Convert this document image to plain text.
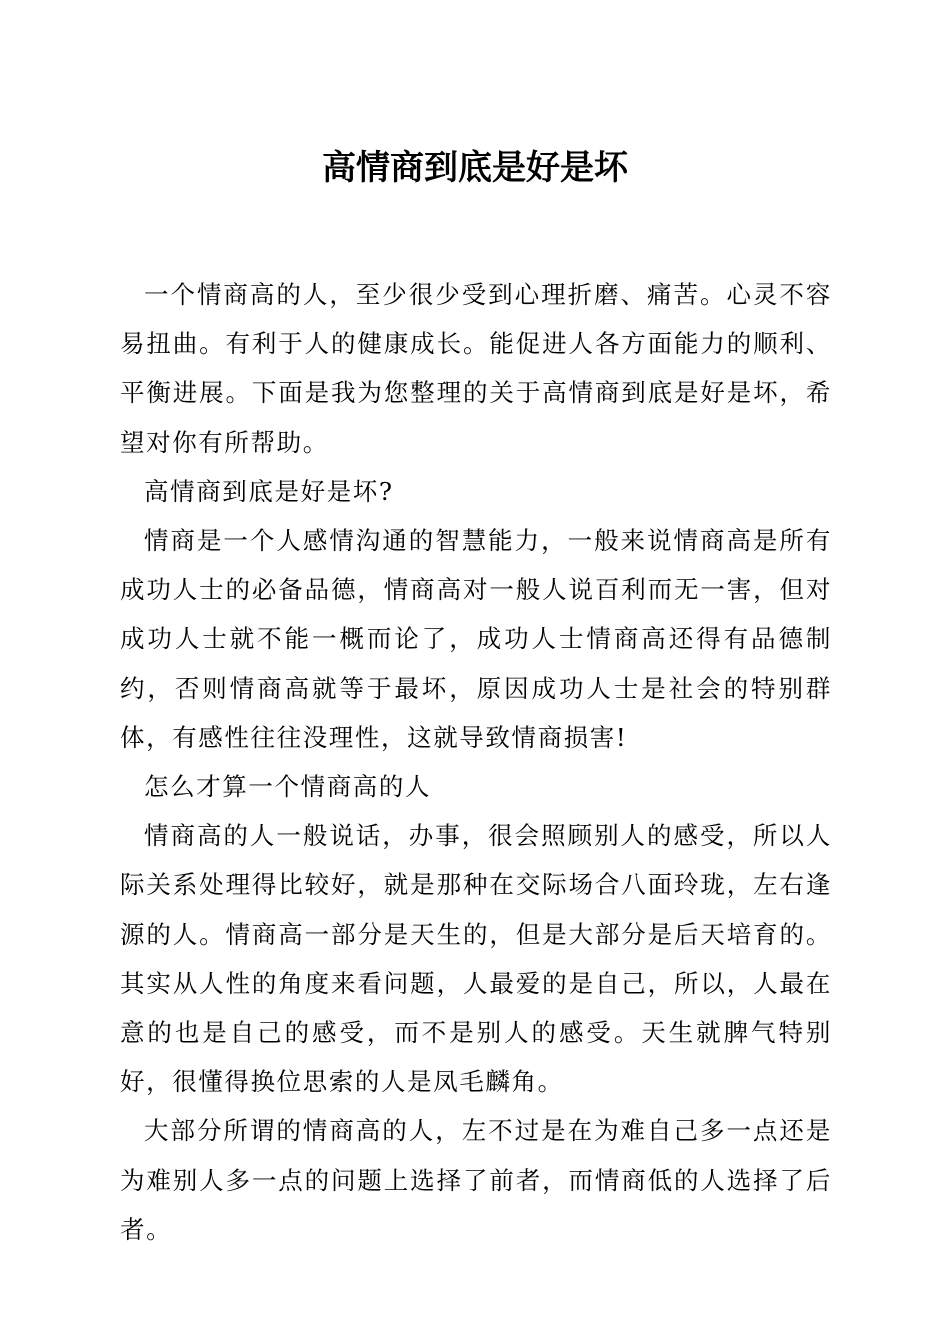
高情商到底是好是坏

一个情商高的人，至少很少受到心理折磨、痛苦。心灵不容易扭曲。有利于人的健康成长。能促进人各方面能力的顺利、平衡进展。下面是我为您整理的关于高情商到底是好是坏，希望对你有所帮助。

高情商到底是好是坏?

情商是一个人感情沟通的智慧能力，一般来说情商高是所有成功人士的必备品德，情商高对一般人说百利而无一害，但对成功人士就不能一概而论了，成功人士情商高还得有品德制约，否则情商高就等于最坏，原因成功人士是社会的特别群体，有感性往往没理性，这就导致情商损害!

怎么才算一个情商高的人

情商高的人一般说话，办事，很会照顾别人的感受，所以人际关系处理得比较好，就是那种在交际场合八面玲珑，左右逢源的人。情商高一部分是天生的，但是大部分是后天培育的。其实从人性的角度来看问题，人最爱的是自己，所以，人最在意的也是自己的感受，而不是别人的感受。天生就脾气特别好，很懂得换位思索的人是凤毛麟角。

大部分所谓的情商高的人，左不过是在为难自己多一点还是为难别人多一点的问题上选择了前者，而情商低的人选择了后者。
